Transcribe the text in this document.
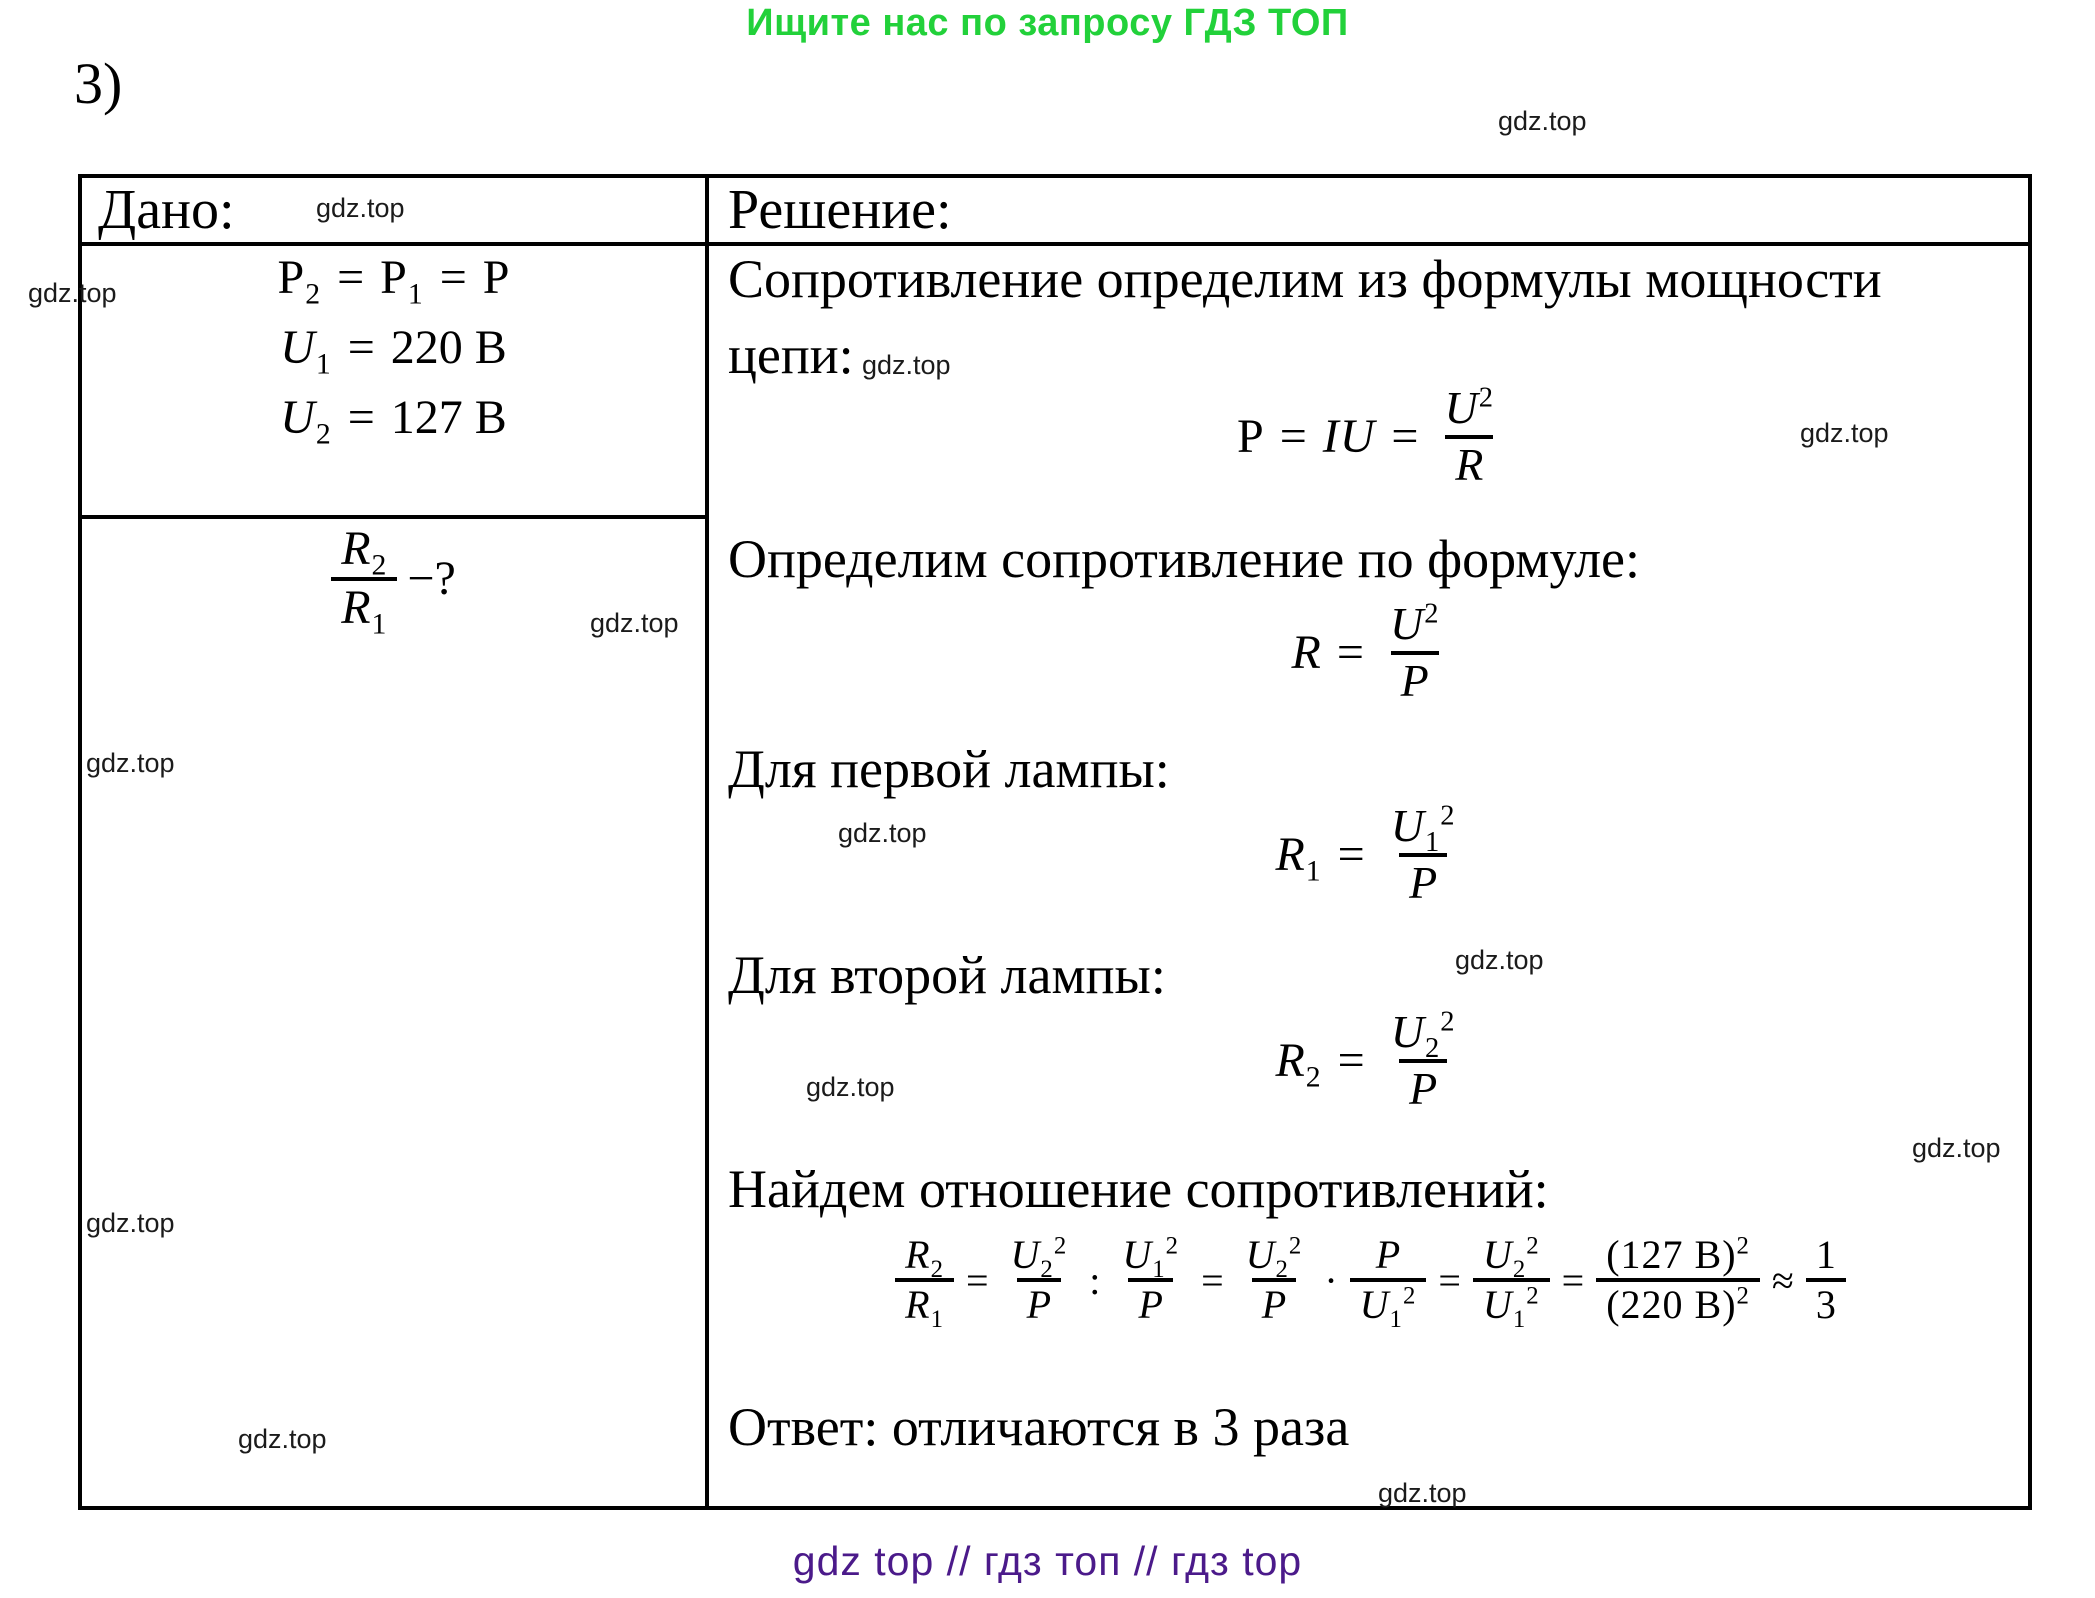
Ищите нас по запросу ГДЗ ТОП
3)
Дано:	Решение:
$P_2 = P_1 = P$
$U_1 = 220$ В
$U_2 = 127$ В
$\frac{R_2}{R_1}$ −?
Сопротивление определим из формулы мощности
цепи:
P = IU = $\frac{U^2}{R}$
Определим сопротивление по формуле:
$R = \frac{U^2}{P}$
Для первой лампы:
$R_1 = \frac{U_1^2}{P}$
Для второй лампы:
$R_2 = \frac{U_2^2}{P}$
Найдем отношение сопротивлений:
$\frac{R_2}{R_1} = \frac{U_2^2}{P}$ : $\frac{U_1^2}{P} = \frac{U_2^2}{P} \cdot \frac{P}{U_1^2} = \frac{U_2^2}{U_1^2} = \frac{(127 В)^2}{(220 В)^2} \approx \frac{1}{3}$
Ответ: отличаются в 3 раза
gdz.top
gdz.top
gdz.top
gdz.top
gdz.top
gdz.top
gdz.top
gdz.top
gdz.top
gdz.top
gdz.top
gdz.top
gdz.top
gdz.top
gdz top // гдз топ // гдз top
